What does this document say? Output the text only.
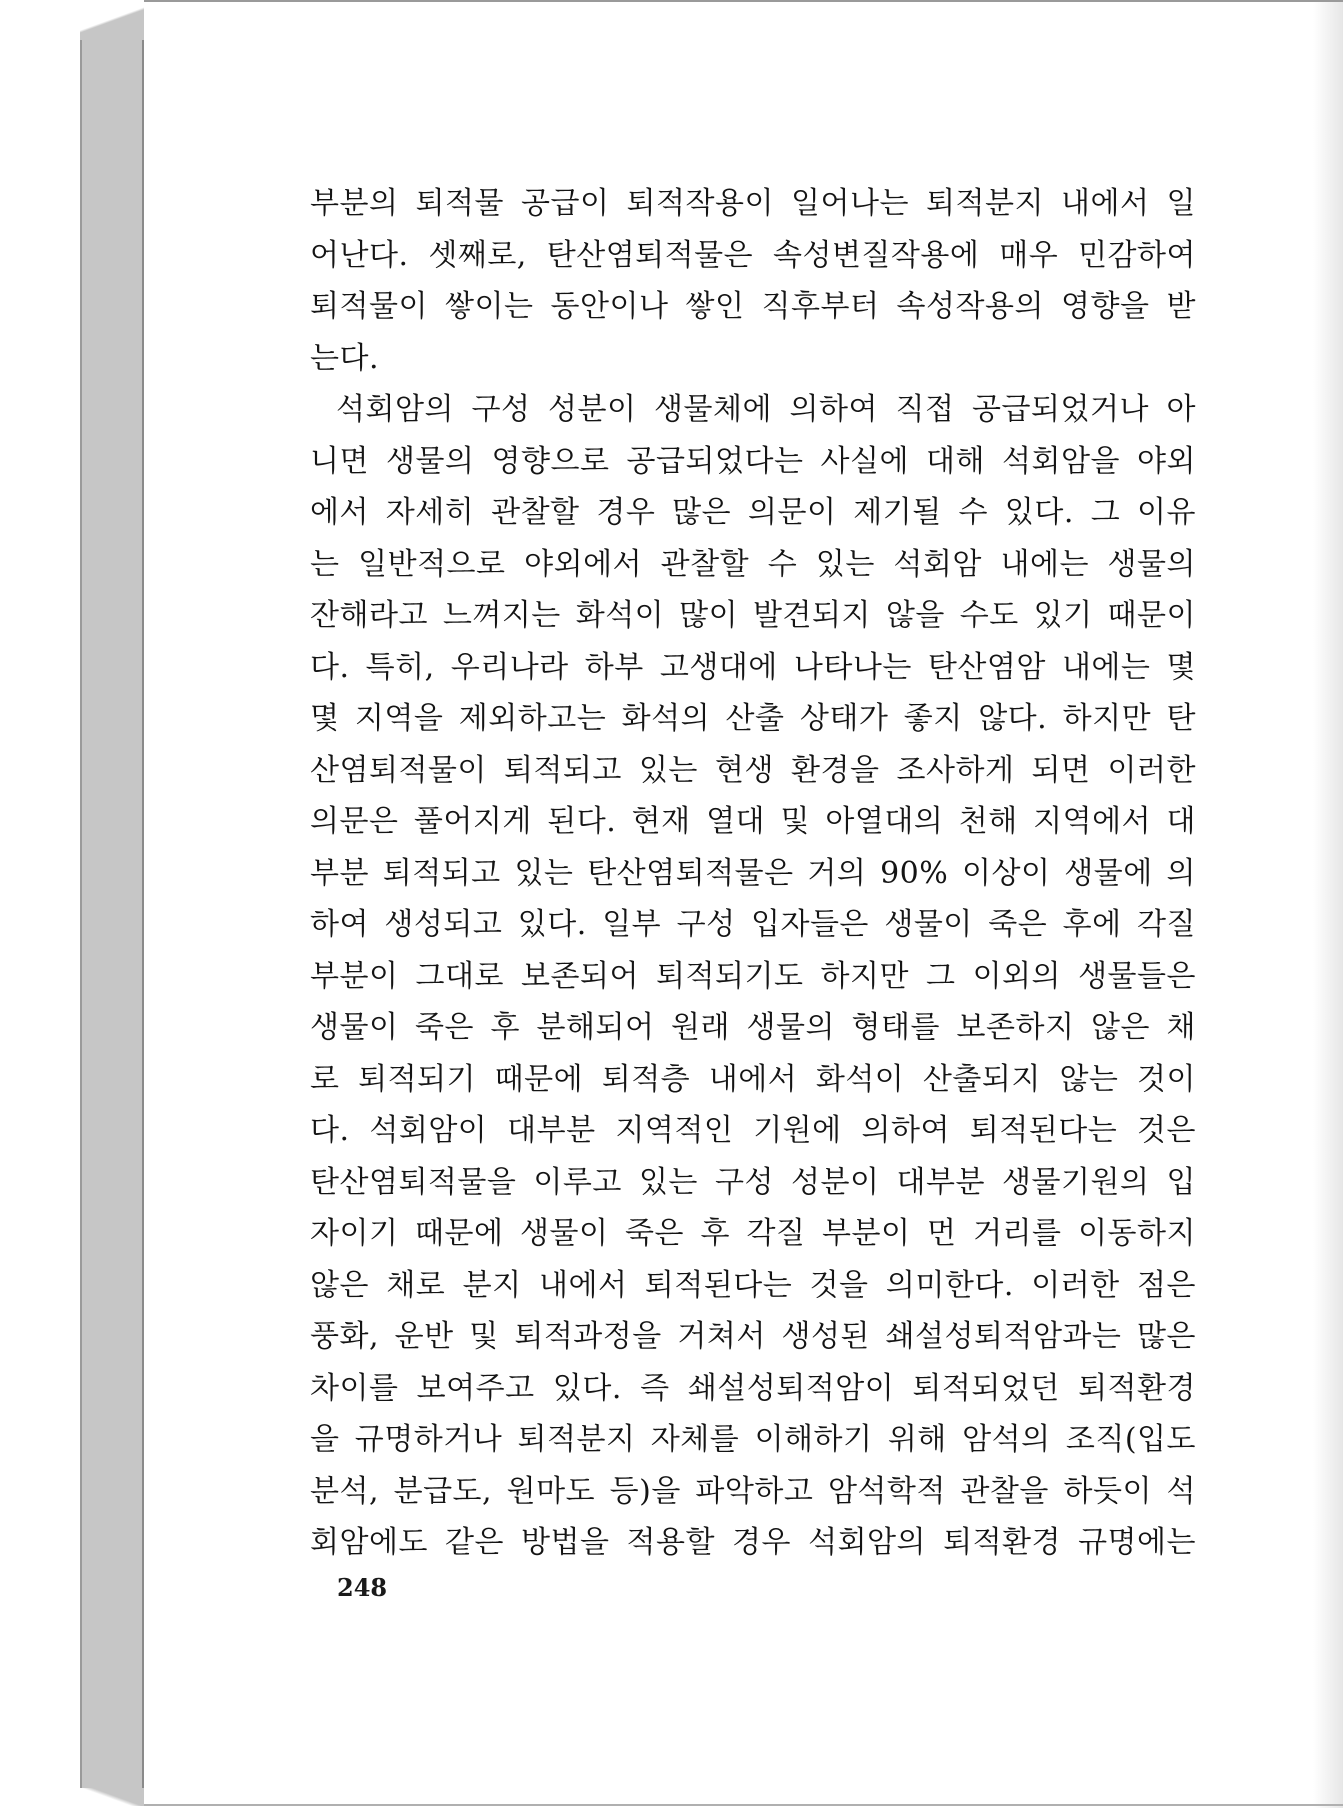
부분의 퇴적물 공급이 퇴적작용이 일어나는 퇴적분지 내에서 일
어난다. 셋째로, 탄산염퇴적물은 속성변질작용에 매우 민감하여
퇴적물이 쌓이는 동안이나 쌓인 직후부터 속성작용의 영향을 받
는다.
석회암의 구성 성분이 생물체에 의하여 직접 공급되었거나 아
니면 생물의 영향으로 공급되었다는 사실에 대해 석회암을 야외
에서 자세히 관찰할 경우 많은 의문이 제기될 수 있다. 그 이유
는 일반적으로 야외에서 관찰할 수 있는 석회암 내에는 생물의
잔해라고 느껴지는 화석이 많이 발견되지 않을 수도 있기 때문이
다. 특히, 우리나라 하부 고생대에 나타나는 탄산염암 내에는 몇
몇 지역을 제외하고는 화석의 산출 상태가 좋지 않다. 하지만 탄
산염퇴적물이 퇴적되고 있는 현생 환경을 조사하게 되면 이러한
의문은 풀어지게 된다. 현재 열대 및 아열대의 천해 지역에서 대
부분 퇴적되고 있는 탄산염퇴적물은 거의 90% 이상이 생물에 의
하여 생성되고 있다. 일부 구성 입자들은 생물이 죽은 후에 각질
부분이 그대로 보존되어 퇴적되기도 하지만 그 이외의 생물들은
생물이 죽은 후 분해되어 원래 생물의 형태를 보존하지 않은 채
로 퇴적되기 때문에 퇴적층 내에서 화석이 산출되지 않는 것이
다. 석회암이 대부분 지역적인 기원에 의하여 퇴적된다는 것은
탄산염퇴적물을 이루고 있는 구성 성분이 대부분 생물기원의 입
자이기 때문에 생물이 죽은 후 각질 부분이 먼 거리를 이동하지
않은 채로 분지 내에서 퇴적된다는 것을 의미한다. 이러한 점은
풍화, 운반 및 퇴적과정을 거쳐서 생성된 쇄설성퇴적암과는 많은
차이를 보여주고 있다. 즉 쇄설성퇴적암이 퇴적되었던 퇴적환경
을 규명하거나 퇴적분지 자체를 이해하기 위해 암석의 조직(입도
분석, 분급도, 원마도 등)을 파악하고 암석학적 관찰을 하듯이 석
회암에도 같은 방법을 적용할 경우 석회암의 퇴적환경 규명에는
248
